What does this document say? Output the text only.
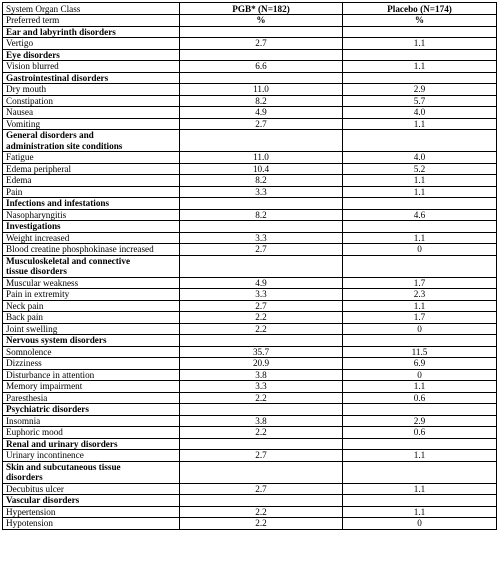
System Organ Class	PGB* (N=182)	Placebo (N=174)
Preferred term	%	%
Ear and labyrinth disorders		
Vertigo	2.7	1.1
Eye disorders		
Vision blurred	6.6	1.1
Gastrointestinal disorders		
Dry mouth	11.0	2.9
Constipation	8.2	5.7
Nausea	4.9	4.0
Vomiting	2.7	1.1
General disorders and administration site conditions		
Fatigue	11.0	4.0
Edema peripheral	10.4	5.2
Edema	8.2	1.1
Pain	3.3	1.1
Infections and infestations		
Nasopharyngitis	8.2	4.6
Investigations		
Weight increased	3.3	1.1
Blood creatine phosphokinase increased	2.7	0
Musculoskeletal and connective tissue disorders		
Muscular weakness	4.9	1.7
Pain in extremity	3.3	2.3
Neck pain	2.7	1.1
Back pain	2.2	1.7
Joint swelling	2.2	0
Nervous system disorders		
Somnolence	35.7	11.5
Dizziness	20.9	6.9
Disturbance in attention	3.8	0
Memory impairment	3.3	1.1
Paresthesia	2.2	0.6
Psychiatric disorders		
Insomnia	3.8	2.9
Euphoric mood	2.2	0.6
Renal and urinary disorders		
Urinary incontinence	2.7	1.1
Skin and subcutaneous tissue disorders		
Decubitus ulcer	2.7	1.1
Vascular disorders		
Hypertension	2.2	1.1
Hypotension	2.2	0
